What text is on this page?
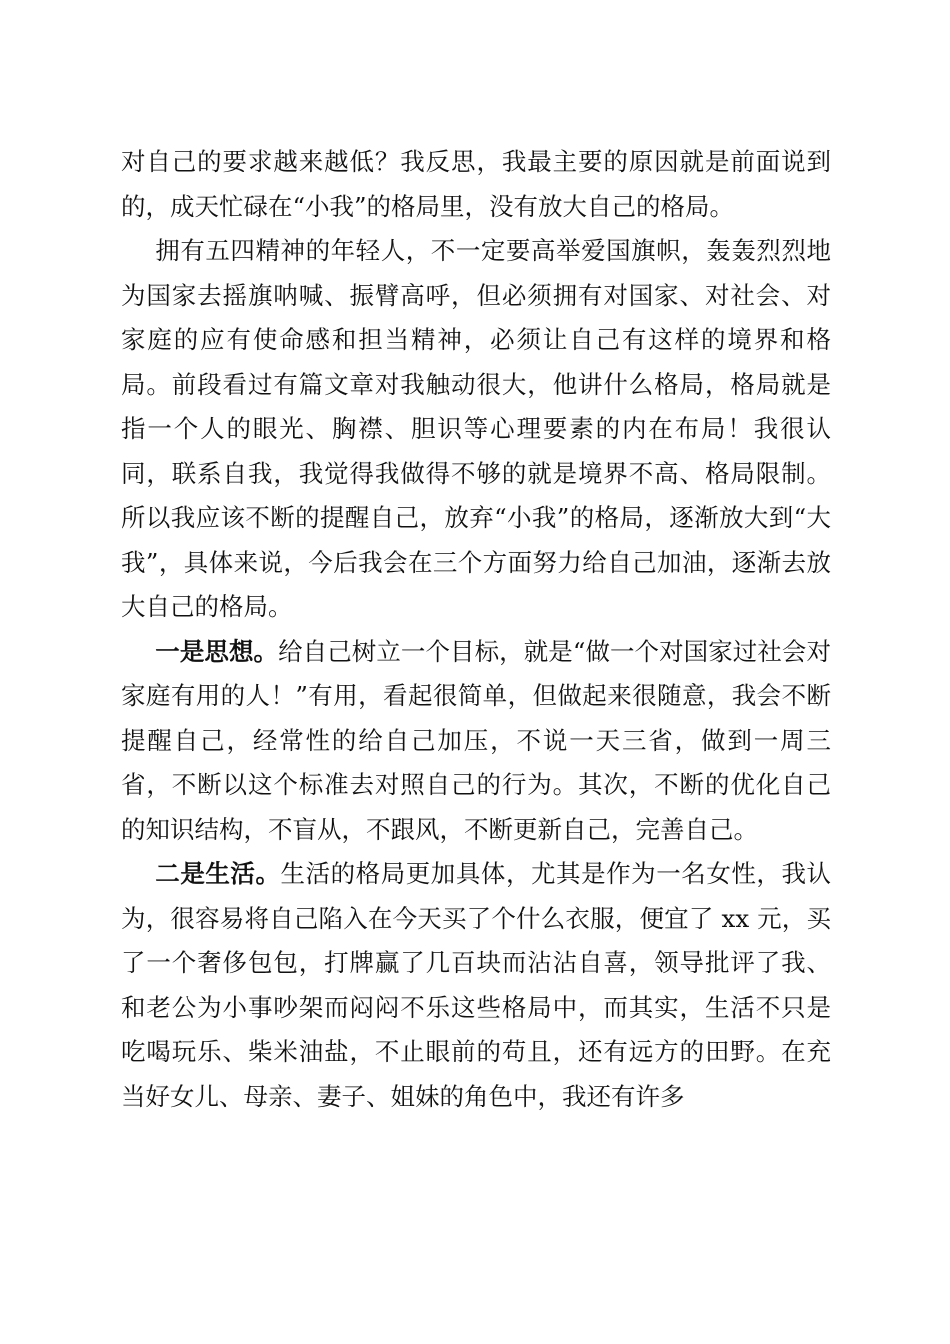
对自己的要求越来越低？我反思，我最主要的原因就是前面说到的，成天忙碌在“小我”的格局里，没有放大自己的格局。

拥有五四精神的年轻人，不一定要高举爱国旗帜，轰轰烈烈地为国家去摇旗呐喊、振臂高呼，但必须拥有对国家、对社会、对家庭的应有使命感和担当精神，必须让自己有这样的境界和格局。前段看过有篇文章对我触动很大，他讲什么格局，格局就是指一个人的眼光、胸襟、胆识等心理要素的内在布局！我很认同，联系自我，我觉得我做得不够的就是境界不高、格局限制。所以我应该不断的提醒自己，放弃“小我”的格局，逐渐放大到“大我”，具体来说，今后我会在三个方面努力给自己加油，逐渐去放大自己的格局。

一是思想。给自己树立一个目标，就是“做一个对国家过社会对家庭有用的人！”有用，看起很简单，但做起来很随意，我会不断提醒自己，经常性的给自己加压，不说一天三省，做到一周三省，不断以这个标准去对照自己的行为。其次，不断的优化自己的知识结构，不盲从，不跟风，不断更新自己，完善自己。

二是生活。生活的格局更加具体，尤其是作为一名女性，我认为，很容易将自己陷入在今天买了个什么衣服，便宜了 xx 元，买了一个奢侈包包，打牌赢了几百块而沾沾自喜，领导批评了我、和老公为小事吵架而闷闷不乐这些格局中，而其实，生活不只是吃喝玩乐、柴米油盐，不止眼前的苟且，还有远方的田野。在充当好女儿、母亲、妻子、姐妹的角色中，我还有许多
